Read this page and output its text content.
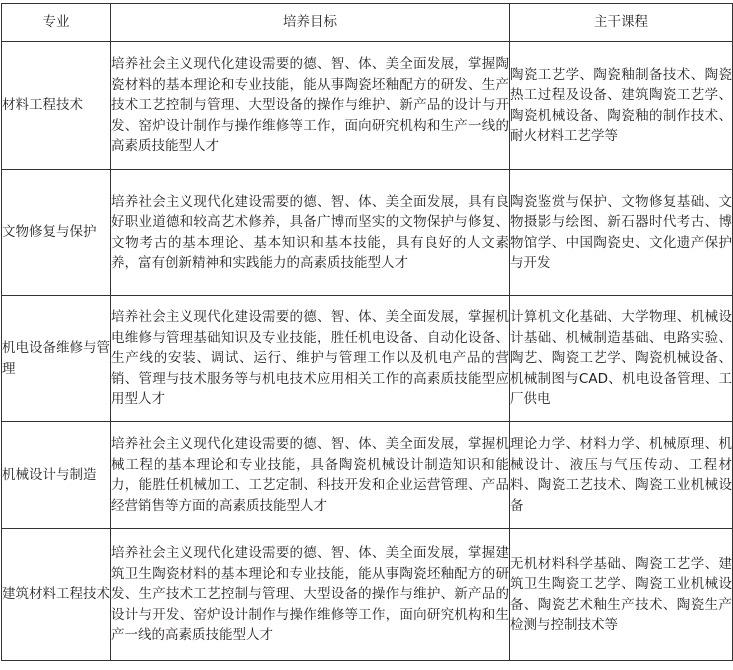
专业	培养目标	主干课程
材料工程技术	培养社会主义现代化建设需要的德、智、体、美全面发展，掌握陶瓷材料的基本理论和专业技能，能从事陶瓷坯釉配方的研发、生产技术工艺控制与管理、大型设备的操作与维护、新产品的设计与开发、窑炉设计制作与操作维修等工作，面向研究机构和生产一线的高素质技能型人才	陶瓷工艺学、陶瓷釉制备技术、陶瓷热工过程及设备、建筑陶瓷工艺学、陶瓷机械设备、陶瓷釉的制作技术、耐火材料工艺学等

文物修复与保护	培养社会主义现代化建设需要的德、智、体、美全面发展，具有良好职业道德和较高艺术修养，具备广博而坚实的文物保护与修复、文物考古的基本理论、基本知识和基本技能，具有良好的人文素养，富有创新精神和实践能力的高素质技能型人才	陶瓷鉴赏与保护、文物修复基础、文物摄影与绘图、新石器时代考古、博物馆学、中国陶瓷史、文化遗产保护与开发

机电设备维修与管理	培养社会主义现代化建设需要的德、智、体、美全面发展，掌握机电维修与管理基础知识及专业技能，胜任机电设备、自动化设备、生产线的安装、调试、运行、维护与管理工作以及机电产品的营销、管理与技术服务等与机电技术应用相关工作的高素质技能型应用型人才	计算机文化基础、大学物理、机械设计基础、机械制造基础、电路实验、陶艺、陶瓷工艺学、陶瓷机械设备、机械制图与CAD、机电设备管理、工厂供电

机械设计与制造	培养社会主义现代化建设需要的德、智、体、美全面发展，掌握机械工程的基本理论和专业技能，具备陶瓷机械设计制造知识和能力，能胜任机械加工、工艺定制、科技开发和企业运营管理、产品经营销售等方面的高素质技能型人才	理论力学、材料力学、机械原理、机械设计、液压与气压传动、工程材料、陶瓷工艺技术、陶瓷工业机械设备

建筑材料工程技术	培养社会主义现代化建设需要的德、智、体、美全面发展，掌握建筑卫生陶瓷材料的基本理论和专业技能，能从事陶瓷坯釉配方的研发、生产技术工艺控制与管理、大型设备的操作与维护、新产品的设计与开发、窑炉设计制作与操作维修等工作，面向研究机构和生产一线的高素质技能型人才	无机材料科学基础、陶瓷工艺学、建筑卫生陶瓷工艺学、陶瓷工业机械设备、陶瓷艺术釉生产技术、陶瓷生产检测与控制技术等
